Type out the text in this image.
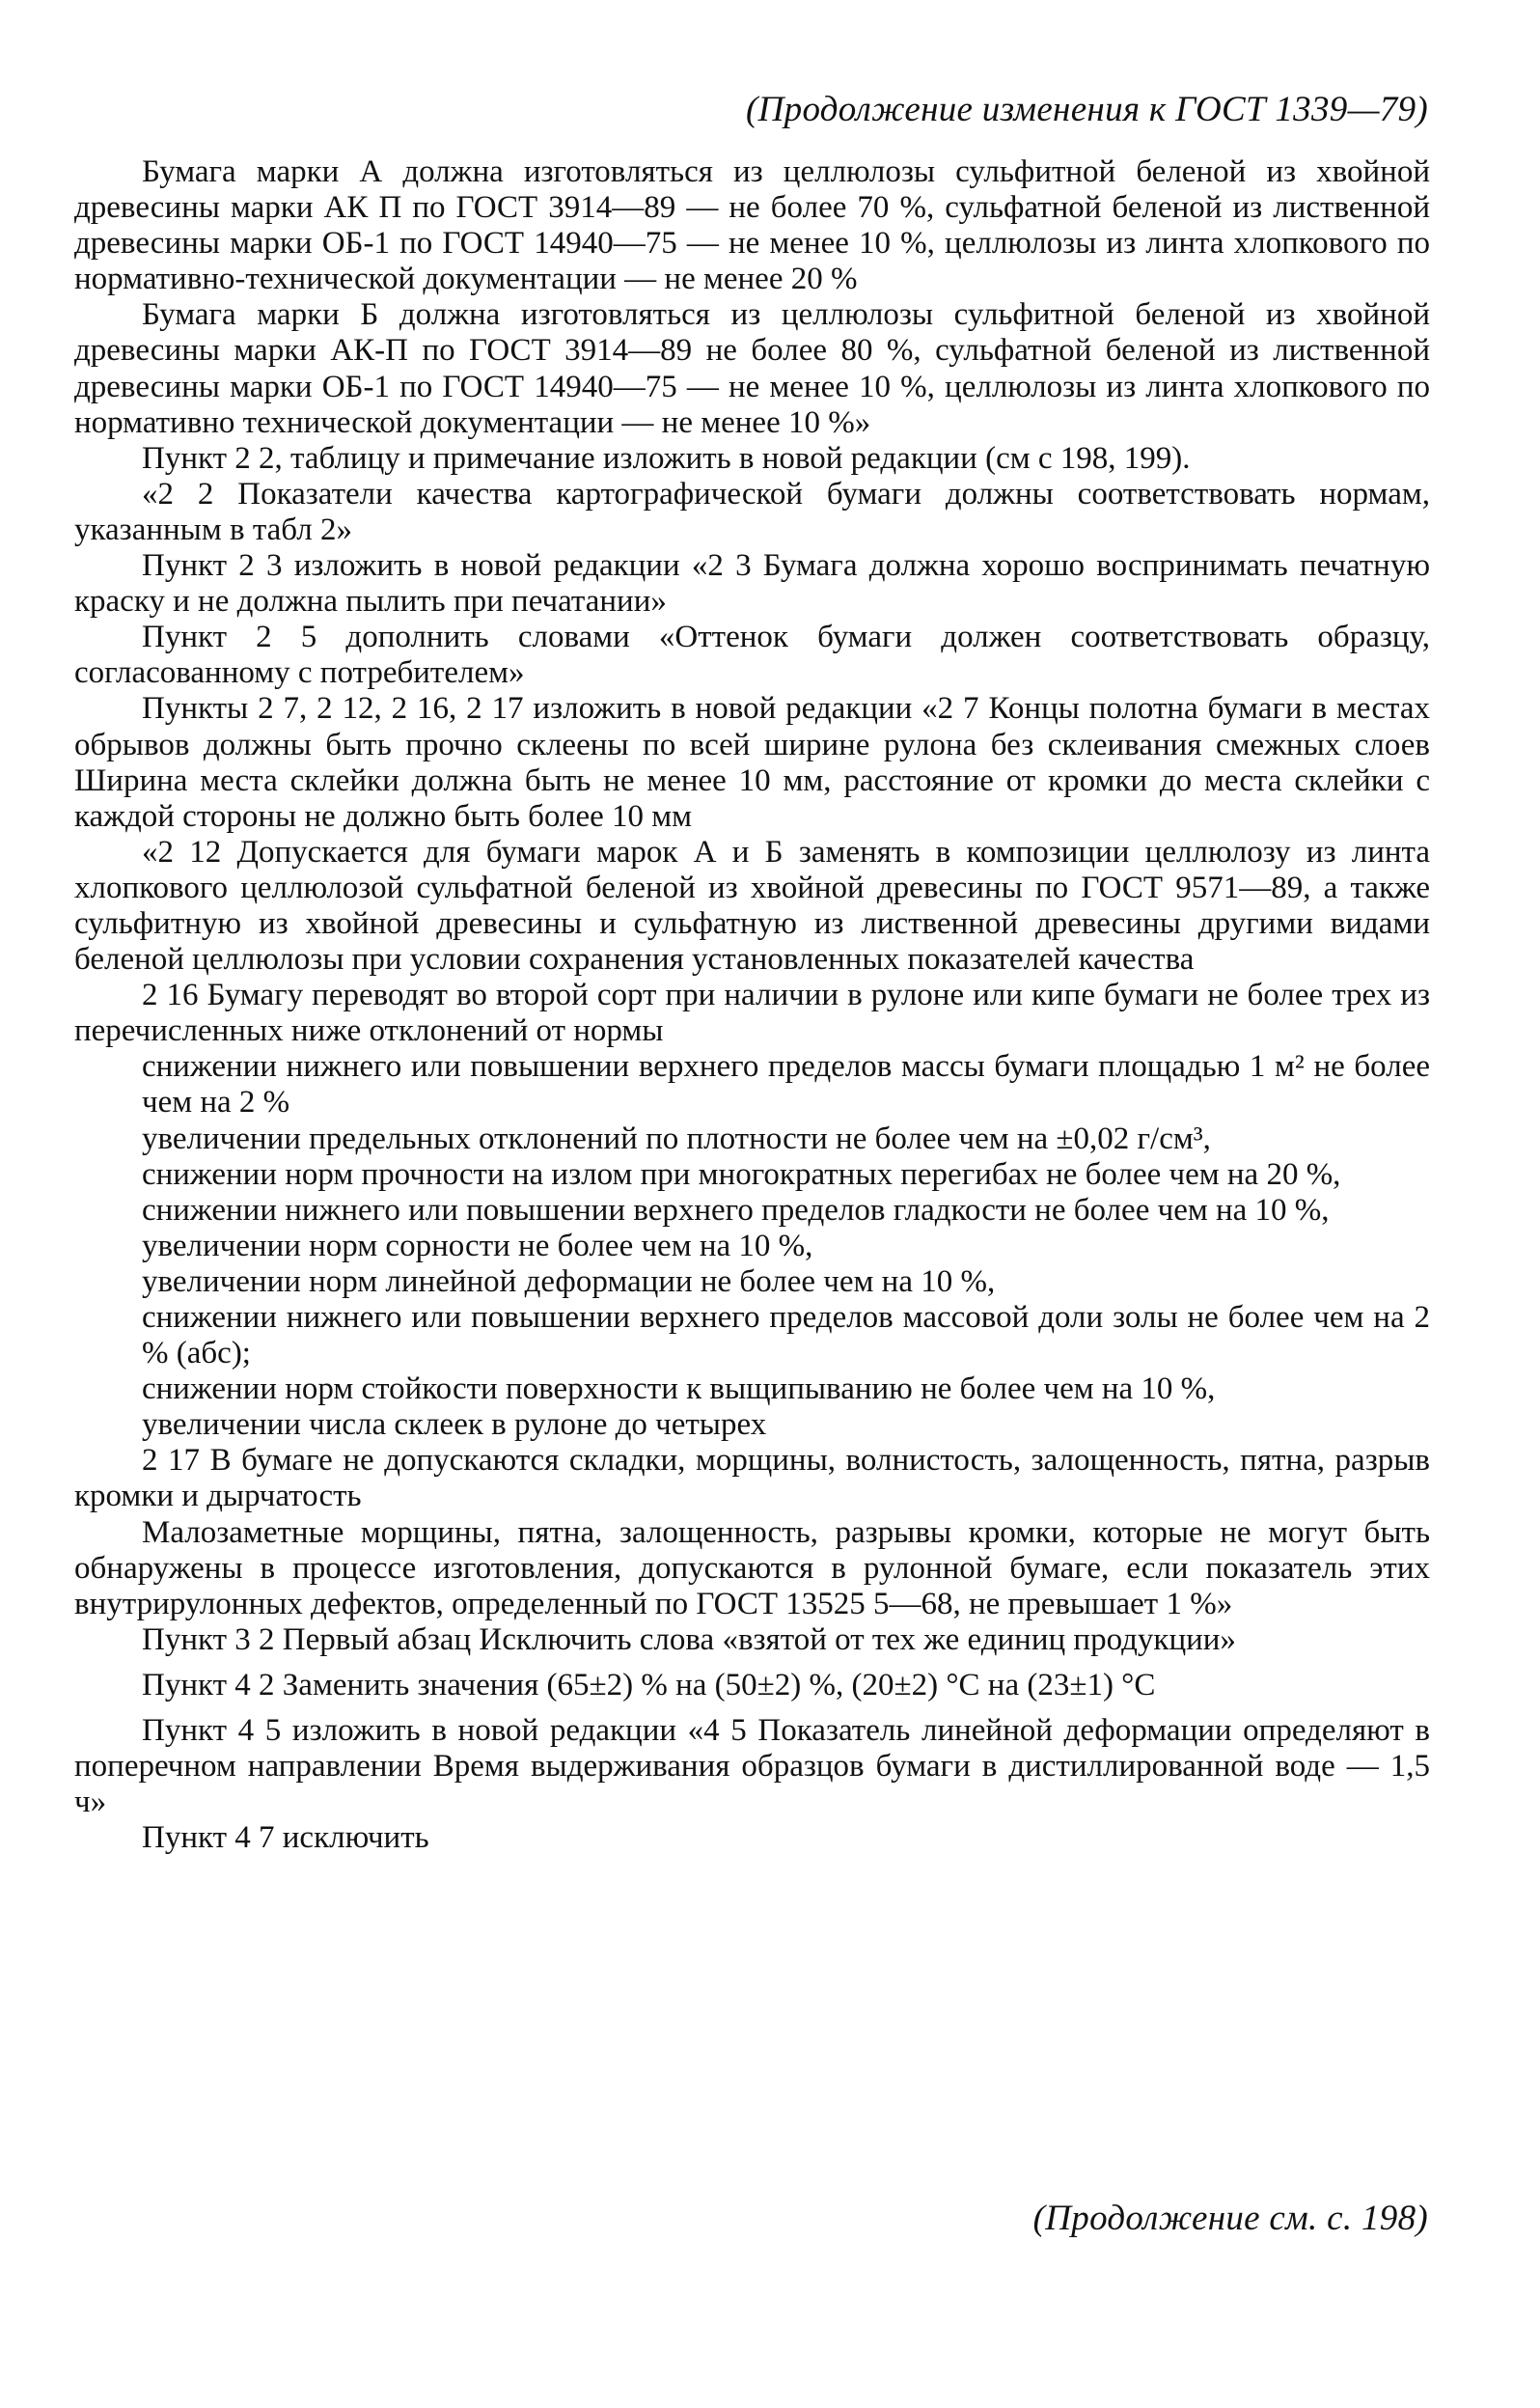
(Продолжение изменения к ГОСТ 1339—79)

Бумага марки А должна изготовляться из целлюлозы сульфитной беленой из хвойной древесины марки АК П по ГОСТ 3914—89 — не более 70 %, сульфатной беленой из лиственной древесины марки ОБ-1 по ГОСТ 14940—75 — не менее 10 %, целлюлозы из линта хлопкового по нормативно-технической документации — не менее 20 %

Бумага марки Б должна изготовляться из целлюлозы сульфитной беленой из хвойной древесины марки АК-П по ГОСТ 3914—89 не более 80 %, сульфатной беленой из лиственной древесины марки ОБ-1 по ГОСТ 14940—75 — не менее 10 %, целлюлозы из линта хлопкового по нормативно технической документации — не менее 10 %»

Пункт 2 2, таблицу и примечание изложить в новой редакции (см с 198, 199).

«2 2 Показатели качества картографической бумаги должны соответствовать нормам, указанным в табл 2»

Пункт 2 3 изложить в новой редакции «2 3 Бумага должна хорошо воспринимать печатную краску и не должна пылить при печатании»

Пункт 2 5 дополнить словами «Оттенок бумаги должен соответствовать образцу, согласованному с потребителем»

Пункты 2 7, 2 12, 2 16, 2 17 изложить в новой редакции «2 7 Концы полотна бумаги в местах обрывов должны быть прочно склеены по всей ширине рулона без склеивания смежных слоев Ширина места склейки должна быть не менее 10 мм, расстояние от кромки до места склейки с каждой стороны не должно быть более 10 мм

«2 12 Допускается для бумаги марок А и Б заменять в композиции целлюлозу из линта хлопкового целлюлозой сульфатной беленой из хвойной древесины по ГОСТ 9571—89, а также сульфитную из хвойной древесины и сульфатную из лиственной древесины другими видами беленой целлюлозы при условии сохранения установленных показателей качества

2 16 Бумагу переводят во второй сорт при наличии в рулоне или кипе бумаги не более трех из перечисленных ниже отклонений от нормы

снижении нижнего или повышении верхнего пределов массы бумаги площадью 1 м² не более чем на 2 %

увеличении предельных отклонений по плотности не более чем на ±0,02 г/см³,

снижении норм прочности на излом при многократных перегибах не более чем на 20 %,

снижении нижнего или повышении верхнего пределов гладкости не более чем на 10 %,

увеличении норм сорности не более чем на 10 %,

увеличении норм линейной деформации не более чем на 10 %,

снижении нижнего или повышении верхнего пределов массовой доли золы не более чем на 2 % (абс);

снижении норм стойкости поверхности к выщипыванию не более чем на 10 %,

увеличении числа склеек в рулоне до четырех

2 17 В бумаге не допускаются складки, морщины, волнистость, залощенность, пятна, разрыв кромки и дырчатость

Малозаметные морщины, пятна, залощенность, разрывы кромки, которые не могут быть обнаружены в процессе изготовления, допускаются в рулонной бумаге, если показатель этих внутрирулонных дефектов, определенный по ГОСТ 13525 5—68, не превышает 1 %»

Пункт 3 2 Первый абзац Исключить слова «взятой от тех же единиц продукции»

Пункт 4 2 Заменить значения (65±2) % на (50±2) %, (20±2) °С на (23±1) °С

Пункт 4 5 изложить в новой редакции «4 5 Показатель линейной деформации определяют в поперечном направлении Время выдерживания образцов бумаги в дистиллированной воде — 1,5 ч»

Пункт 4 7 исключить

(Продолжение см. с. 198)
